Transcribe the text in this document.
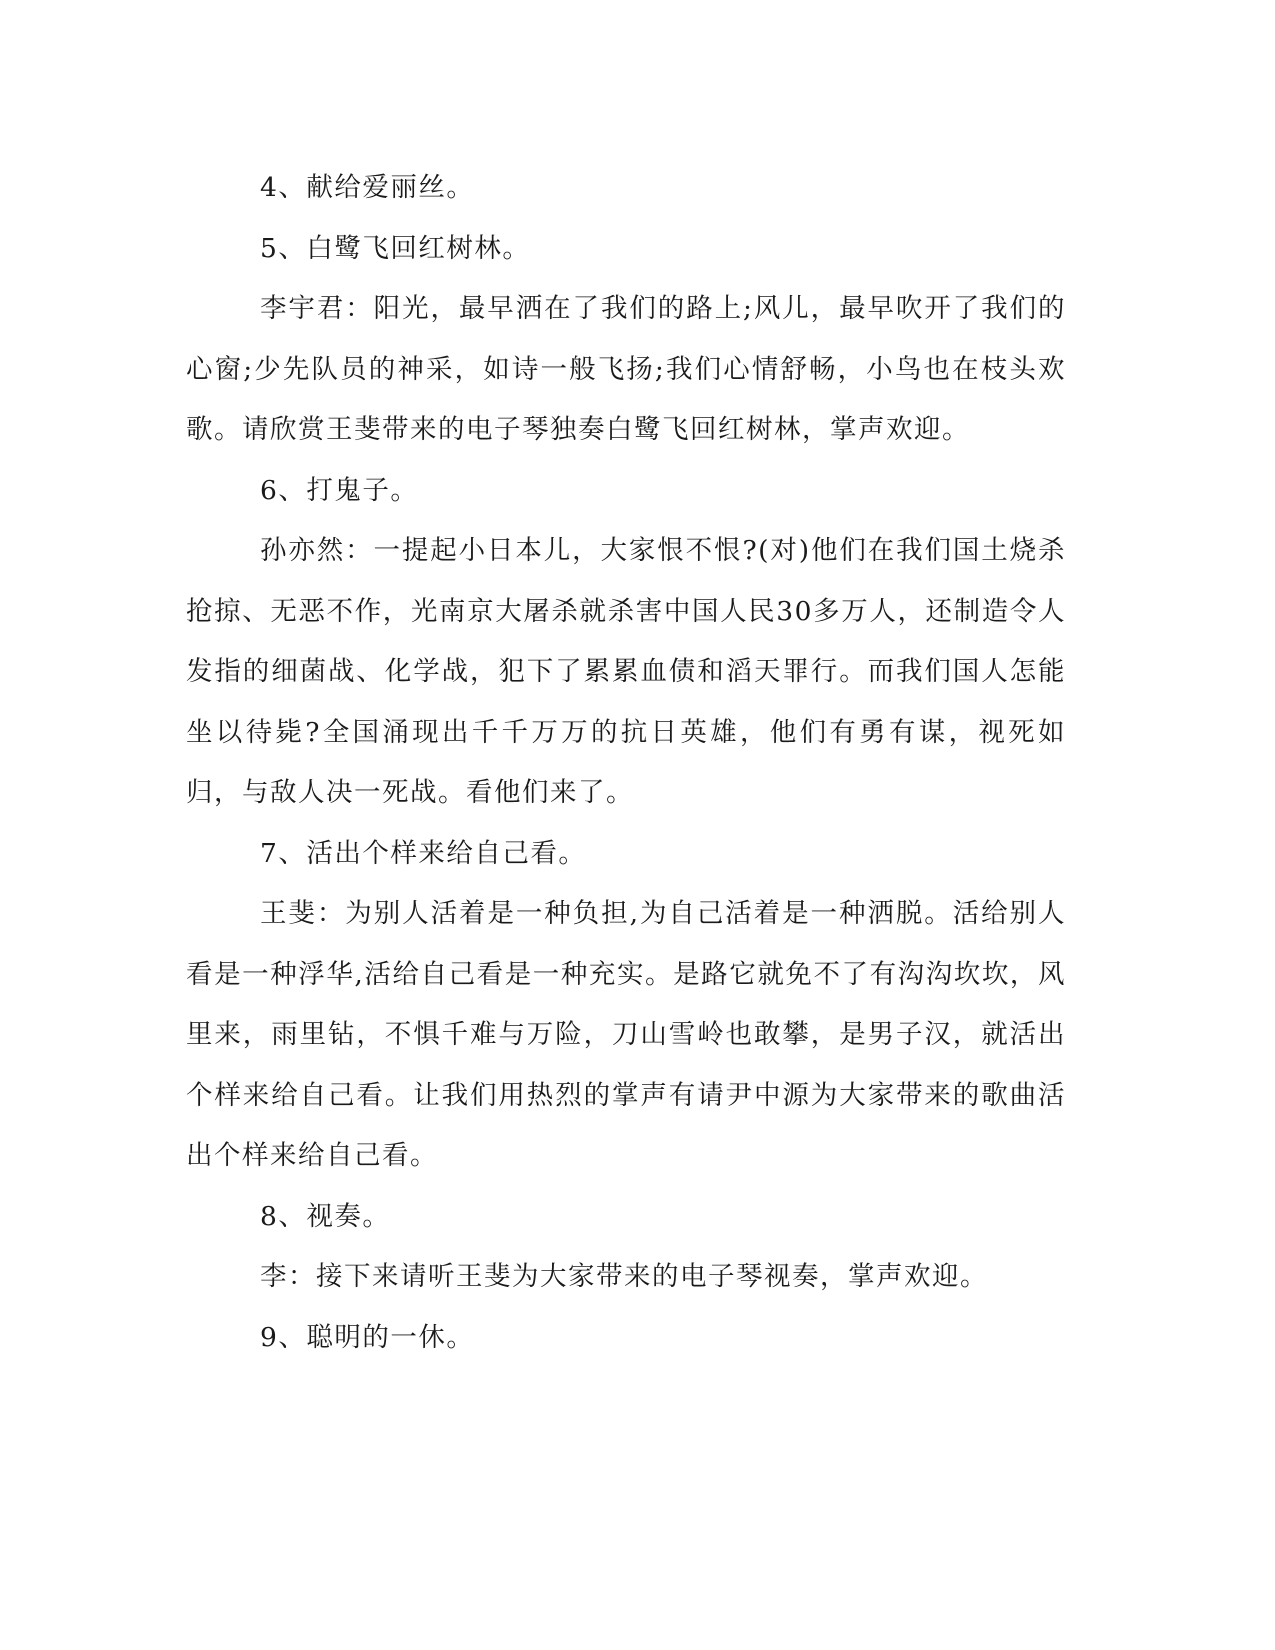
4、献给爱丽丝。

5、白鹭飞回红树林。

李宇君：阳光，最早洒在了我们的路上;风儿，最早吹开了我们的心窗;少先队员的神采，如诗一般飞扬;我们心情舒畅，小鸟也在枝头欢歌。请欣赏王斐带来的电子琴独奏白鹭飞回红树林，掌声欢迎。

6、打鬼子。

孙亦然：一提起小日本儿，大家恨不恨?(对)他们在我们国土烧杀抢掠、无恶不作，光南京大屠杀就杀害中国人民30多万人，还制造令人发指的细菌战、化学战，犯下了累累血债和滔天罪行。而我们国人怎能坐以待毙?全国涌现出千千万万的抗日英雄，他们有勇有谋，视死如归，与敌人决一死战。看他们来了。

7、活出个样来给自己看。

王斐：为别人活着是一种负担,为自己活着是一种洒脱。活给别人看是一种浮华,活给自己看是一种充实。是路它就免不了有沟沟坎坎，风里来，雨里钻，不惧千难与万险，刀山雪岭也敢攀，是男子汉，就活出个样来给自己看。让我们用热烈的掌声有请尹中源为大家带来的歌曲活出个样来给自己看。

8、视奏。

李：接下来请听王斐为大家带来的电子琴视奏，掌声欢迎。

9、聪明的一休。
